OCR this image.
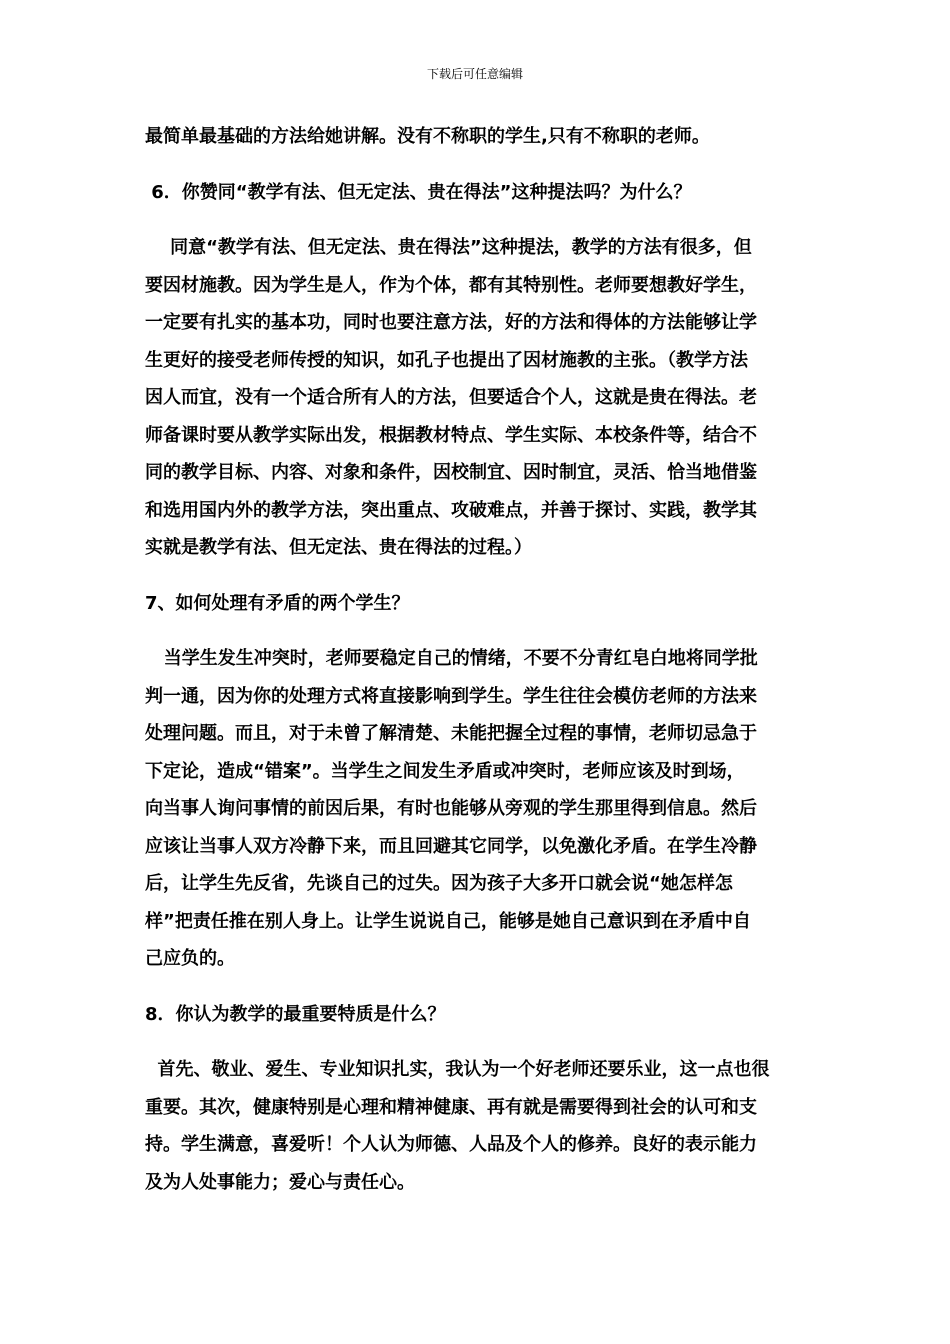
下载后可任意编辑
最简单最基础的方法给她讲解。没有不称职的学生,只有不称职的老师。
6．你赞同“教学有法、但无定法、贵在得法”这种提法吗？为什么？
同意“教学有法、但无定法、贵在得法”这种提法，教学的方法有很多，但
要因材施教。因为学生是人，作为个体，都有其特别性。老师要想教好学生，
一定要有扎实的基本功，同时也要注意方法，好的方法和得体的方法能够让学
生更好的接受老师传授的知识，如孔子也提出了因材施教的主张。（教学方法
因人而宜，没有一个适合所有人的方法，但要适合个人，这就是贵在得法。老
师备课时要从教学实际出发，根据教材特点、学生实际、本校条件等，结合不
同的教学目标、内容、对象和条件，因校制宜、因时制宜，灵活、恰当地借鉴
和选用国内外的教学方法，突出重点、攻破难点，并善于探讨、实践，教学其
实就是教学有法、但无定法、贵在得法的过程。）
7、如何处理有矛盾的两个学生？
当学生发生冲突时，老师要稳定自己的情绪，不要不分青红皂白地将同学批
判一通，因为你的处理方式将直接影响到学生。学生往往会模仿老师的方法来
处理问题。而且，对于未曾了解清楚、未能把握全过程的事情，老师切忌急于
下定论，造成“错案”。当学生之间发生矛盾或冲突时，老师应该及时到场，
向当事人询问事情的前因后果，有时也能够从旁观的学生那里得到信息。然后
应该让当事人双方冷静下来，而且回避其它同学，以免激化矛盾。在学生冷静
后，让学生先反省，先谈自己的过失。因为孩子大多开口就会说“她怎样怎
样”把责任推在别人身上。让学生说说自己，能够是她自己意识到在矛盾中自
己应负的。
8．你认为教学的最重要特质是什么？
首先、敬业、爱生、专业知识扎实，我认为一个好老师还要乐业，这一点也很
重要。其次，健康特别是心理和精神健康、再有就是需要得到社会的认可和支
持。学生满意，喜爱听！个人认为师德、人品及个人的修养。良好的表示能力
及为人处事能力；爱心与责任心。
